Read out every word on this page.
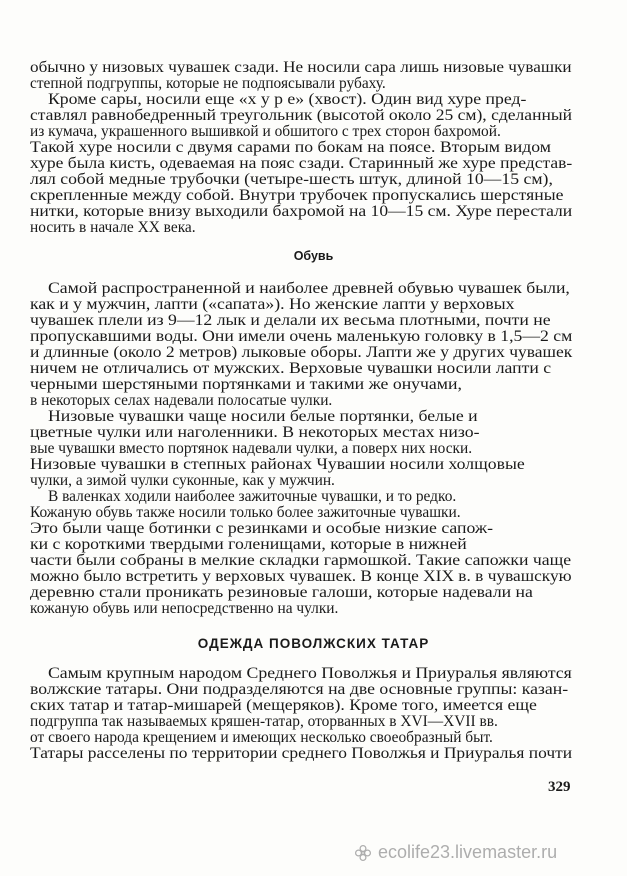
обычно у низовых чувашек сзади. Не носили сара лишь низовые чувашки
степной подгруппы, которые не подпоясывали рубаху.
Кроме сары, носили еще «х у р е» (хвост). Один вид хуре пред-
ставлял равнобедренный треугольник (высотой около 25 см), сделанный
из кумача, украшенного вышивкой и обшитого с трех сторон бахромой.
Такой хуре носили с двумя сарами по бокам на поясе. Вторым видом
хуре была кисть, одеваемая на пояс сзади. Старинный же хуре представ-
лял собой медные трубочки (четыре-шесть штук, длиной 10—15 см),
скрепленные между собой. Внутри трубочек пропускались шерстяные
нитки, которые внизу выходили бахромой на 10—15 см. Хуре перестали
носить в начале XX века.
Обувь
Самой распространенной и наиболее древней обувью чувашек были,
как и у мужчин, лапти («сапата»). Но женские лапти у верховых
чувашек плели из 9—12 лык и делали их весьма плотными, почти не
пропускавшими воды. Они имели очень маленькую головку в 1,5—2 см
и длинные (около 2 метров) лыковые оборы. Лапти же у других чувашек
ничем не отличались от мужских. Верховые чувашки носили лапти с
черными шерстяными портянками и такими же онучами,
в некоторых селах надевали полосатые чулки.
Низовые чувашки чаще носили белые портянки, белые и
цветные чулки или наголенники. В некоторых местах низо-
вые чувашки вместо портянок надевали чулки, а поверх них носки.
Низовые чувашки в степных районах Чувашии носили холщовые
чулки, а зимой чулки суконные, как у мужчин.
В валенках ходили наиболее зажиточные чувашки, и то редко.
Кожаную обувь также носили только более зажиточные чувашки.
Это были чаще ботинки с резинками и особые низкие сапож-
ки с короткими твердыми голенищами, которые в нижней
части были собраны в мелкие складки гармошкой. Такие сапожки чаще
можно было встретить у верховых чувашек. В конце XIX в. в чувашскую
деревню стали проникать резиновые галоши, которые надевали на
кожаную обувь или непосредственно на чулки.
ОДЕЖДА ПОВОЛЖСКИХ ТАТАР
Самым крупным народом Среднего Поволжья и Приуралья являются
волжские татары. Они подразделяются на две основные группы: казан-
ских татар и татар-мишарей (мещеряков). Кроме того, имеется еще
подгруппа так называемых кряшен-татар, оторванных в XVI—XVII вв.
от своего народа крещением и имеющих несколько своеобразный быт.
Татары расселены по территории среднего Поволжья и Приуралья почти
329
ecolife23.livemaster.ru
